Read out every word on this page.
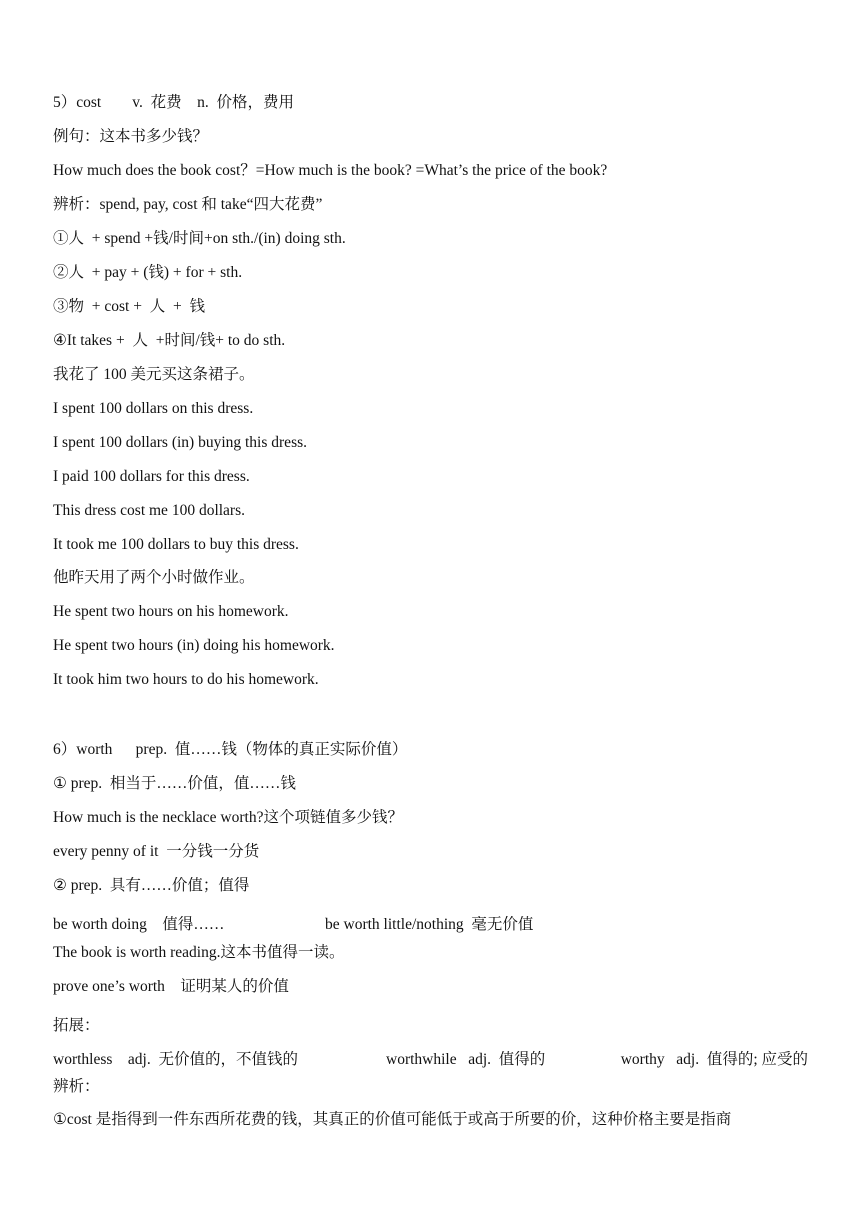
5）cost        v.  花费    n.  价格，费用
例句：这本书多少钱？
How much does the book cost？=How much is the book? =What’s the price of the book?
辨析：spend, pay, cost 和 take“四大花费”
①人  + spend +钱/时间+on sth./(in) doing sth.
②人  + pay + (钱) + for + sth.
③物  + cost +  人  +  钱
④It takes +  人  +时间/钱+ to do sth.
我花了 100 美元买这条裙子。
I spent 100 dollars on this dress.
I spent 100 dollars (in) buying this dress.
I paid 100 dollars for this dress.
This dress cost me 100 dollars.
It took me 100 dollars to buy this dress.
他昨天用了两个小时做作业。
He spent two hours on his homework.
He spent two hours (in) doing his homework.
It took him two hours to do his homework.
6）worth      prep.  值……钱（物体的真正实际价值）
① prep.  相当于……价值，值……钱
How much is the necklace worth?这个项链值多少钱？
every penny of it  一分钱一分货
② prep.  具有……价值；值得
be worth doing    值得……	be worth little/nothing  毫无价值
The book is worth reading.这本书值得一读。
prove one’s worth    证明某人的价值
拓展：
worthless    adj.  无价值的，不值钱的	worthwhile   adj.  值得的	worthy   adj.  值得的; 应受的
辨析：
①cost 是指得到一件东西所花费的钱，其真正的价值可能低于或高于所要的价，这种价格主要是指商
